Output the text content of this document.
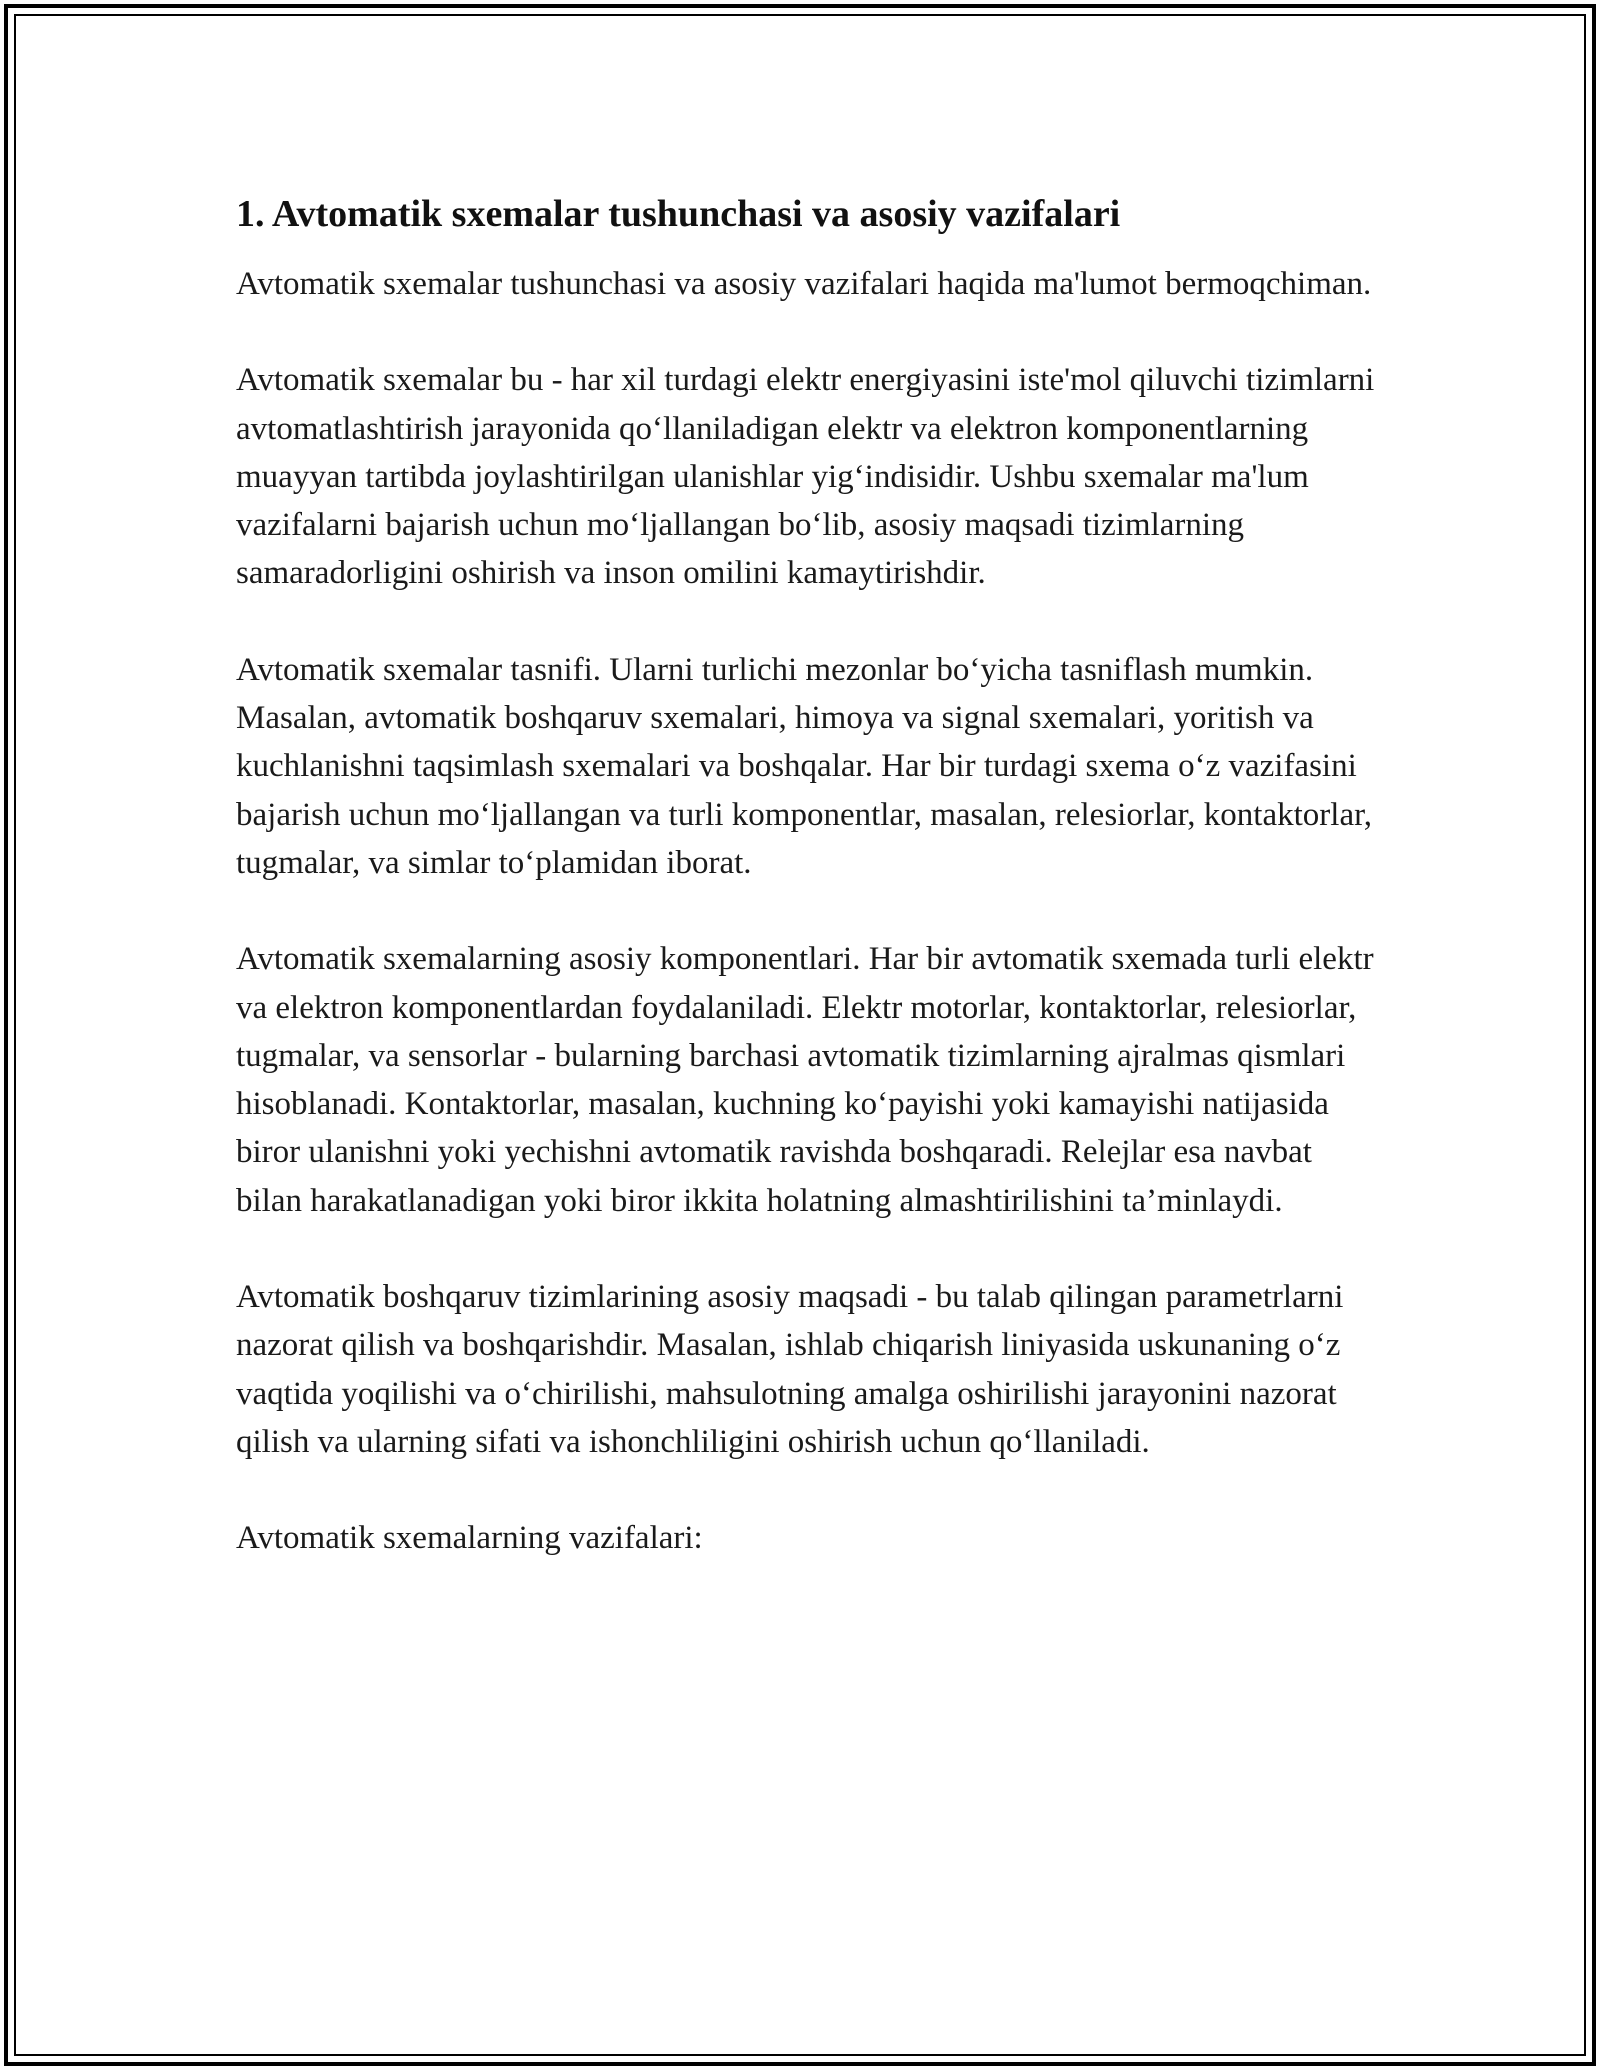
1. Avtomatik sxemalar tushunchasi va asosiy vazifalari

Avtomatik sxemalar tushunchasi va asosiy vazifalari haqida ma'lumot bermoqchiman.

Avtomatik sxemalar bu - har xil turdagi elektr energiyasini iste'mol qiluvchi tizimlarni avtomatlashtirish jarayonida qo‘llaniladigan elektr va elektron komponentlarning muayyan tartibda joylashtirilgan ulanishlar yig‘indisidir. Ushbu sxemalar ma'lum vazifalarni bajarish uchun mo‘ljallangan bo‘lib, asosiy maqsadi tizimlarning samaradorligini oshirish va inson omilini kamaytirishdir.

Avtomatik sxemalar tasnifi. Ularni turlichi mezonlar bo‘yicha tasniflash mumkin. Masalan, avtomatik boshqaruv sxemalari, himoya va signal sxemalari, yoritish va kuchlanishni taqsimlash sxemalari va boshqalar. Har bir turdagi sxema o‘z vazifasini bajarish uchun mo‘ljallangan va turli komponentlar, masalan, relesiorlar, kontaktorlar, tugmalar, va simlar to‘plamidan iborat.

Avtomatik sxemalarning asosiy komponentlari. Har bir avtomatik sxemada turli elektr va elektron komponentlardan foydalaniladi. Elektr motorlar, kontaktorlar, relesiorlar, tugmalar, va sensorlar - bularning barchasi avtomatik tizimlarning ajralmas qismlari hisoblanadi. Kontaktorlar, masalan, kuchning ko‘payishi yoki kamayishi natijasida biror ulanishni yoki yechishni avtomatik ravishda boshqaradi. Relejlar esa navbat bilan harakatlanadigan yoki biror ikkita holatning almashtirilishini ta’minlaydi.

Avtomatik boshqaruv tizimlarining asosiy maqsadi - bu talab qilingan parametrlarni nazorat qilish va boshqarishdir. Masalan, ishlab chiqarish liniyasida uskunaning o‘z vaqtida yoqilishi va o‘chirilishi, mahsulotning amalga oshirilishi jarayonini nazorat qilish va ularning sifati va ishonchliligini oshirish uchun qo‘llaniladi.

Avtomatik sxemalarning vazifalari:
